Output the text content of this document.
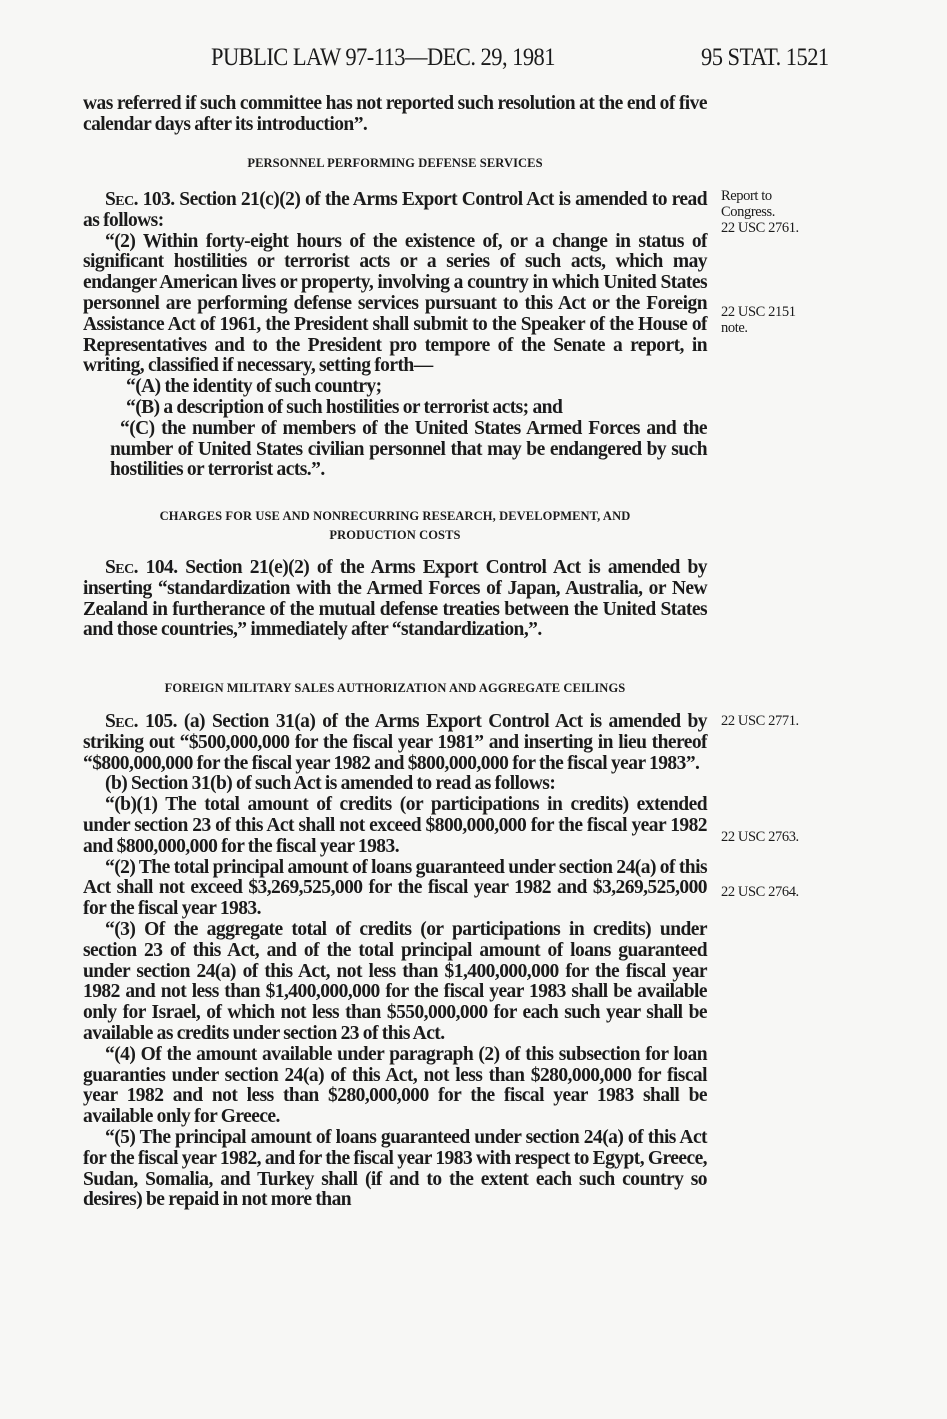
PUBLIC LAW 97-113—DEC. 29, 1981	95 STAT. 1521

was referred if such committee has not reported such resolution at the end of five calendar days after its introduction”.

PERSONNEL PERFORMING DEFENSE SERVICES

Sec. 103. Section 21(c)(2) of the Arms Export Control Act is amended to read as follows:

“(2) Within forty-eight hours of the existence of, or a change in status of significant hostilities or terrorist acts or a series of such acts, which may endanger American lives or property, involving a country in which United States personnel are performing defense services pursuant to this Act or the Foreign Assistance Act of 1961, the President shall submit to the Speaker of the House of Representatives and to the President pro tempore of the Senate a report, in writing, classified if necessary, setting forth—

“(A) the identity of such country;

“(B) a description of such hostilities or terrorist acts; and

“(C) the number of members of the United States Armed Forces and the number of United States civilian personnel that may be endangered by such hostilities or terrorist acts.”.

CHARGES FOR USE AND NONRECURRING RESEARCH, DEVELOPMENT, AND
PRODUCTION COSTS

Sec. 104. Section 21(e)(2) of the Arms Export Control Act is amended by inserting “standardization with the Armed Forces of Japan, Australia, or New Zealand in furtherance of the mutual defense treaties between the United States and those countries,” immediately after “standardization,”.

FOREIGN MILITARY SALES AUTHORIZATION AND AGGREGATE CEILINGS

Sec. 105. (a) Section 31(a) of the Arms Export Control Act is amended by striking out “$500,000,000 for the fiscal year 1981” and inserting in lieu thereof “$800,000,000 for the fiscal year 1982 and $800,000,000 for the fiscal year 1983”.

(b) Section 31(b) of such Act is amended to read as follows:

“(b)(1) The total amount of credits (or participations in credits) extended under section 23 of this Act shall not exceed $800,000,000 for the fiscal year 1982 and $800,000,000 for the fiscal year 1983.

“(2) The total principal amount of loans guaranteed under section 24(a) of this Act shall not exceed $3,269,525,000 for the fiscal year 1982 and $3,269,525,000 for the fiscal year 1983.

“(3) Of the aggregate total of credits (or participations in credits) under section 23 of this Act, and of the total principal amount of loans guaranteed under section 24(a) of this Act, not less than $1,400,000,000 for the fiscal year 1982 and not less than $1,400,000,000 for the fiscal year 1983 shall be available only for Israel, of which not less than $550,000,000 for each such year shall be available as credits under section 23 of this Act.

“(4) Of the amount available under paragraph (2) of this subsection for loan guaranties under section 24(a) of this Act, not less than $280,000,000 for fiscal year 1982 and not less than $280,000,000 for the fiscal year 1983 shall be available only for Greece.

“(5) The principal amount of loans guaranteed under section 24(a) of this Act for the fiscal year 1982, and for the fiscal year 1983 with respect to Egypt, Greece, Sudan, Somalia, and Turkey shall (if and to the extent each such country so desires) be repaid in not more than

Report to
Congress.
22 USC 2761.
22 USC 2151
note.
22 USC 2771.
22 USC 2763.
22 USC 2764.
